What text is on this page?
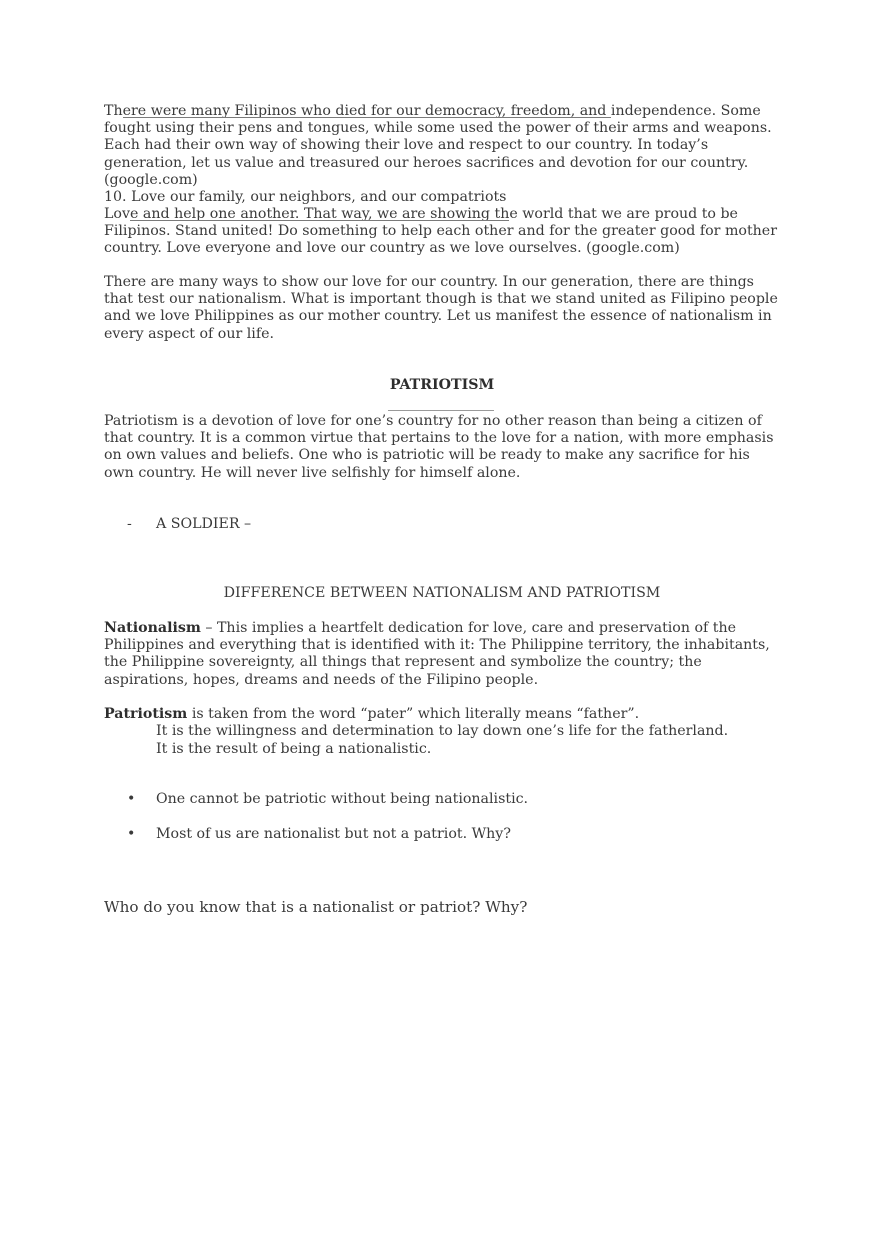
There were many Filipinos who died for our democracy, freedom, and independence. Some fought using their pens and tongues, while some used the power of their arms and weapons. Each had their own way of showing their love and respect to our country. In today’s generation, let us value and treasured our heroes sacrifices and devotion for our country. (google.com)

10. Love our family, our neighbors, and our compatriots

Love and help one another. That way, we are showing the world that we are proud to be Filipinos. Stand united! Do something to help each other and for the greater good for mother country. Love everyone and love our country as we love ourselves. (google.com)

There are many ways to show our love for our country. In our generation, there are things that test our nationalism. What is important though is that we stand united as Filipino people and we love Philippines as our mother country. Let us manifest the essence of nationalism in every aspect of our life.

PATRIOTISM

Patriotism is a devotion of love for one’s country for no other reason than being a citizen of that country. It is a common virtue that pertains to the love for a nation, with more emphasis on own values and beliefs. One who is patriotic will be ready to make any sacrifice for his own country. He will never live selfishly for himself alone.

- A SOLDIER –

DIFFERENCE BETWEEN NATIONALISM AND PATRIOTISM

Nationalism – This implies a heartfelt dedication for love, care and preservation of the Philippines and everything that is identified with it: The Philippine territory, the inhabitants, the Philippine sovereignty, all things that represent and symbolize the country; the aspirations, hopes, dreams and needs of the Filipino people.

Patriotism is taken from the word “pater” which literally means “father”.

It is the willingness and determination to lay down one’s life for the fatherland.
It is the result of being a nationalistic.
• One cannot be patriotic without being nationalistic.
• Most of us are nationalist but not a patriot. Why?

Who do you know that is a nationalist or patriot? Why?
